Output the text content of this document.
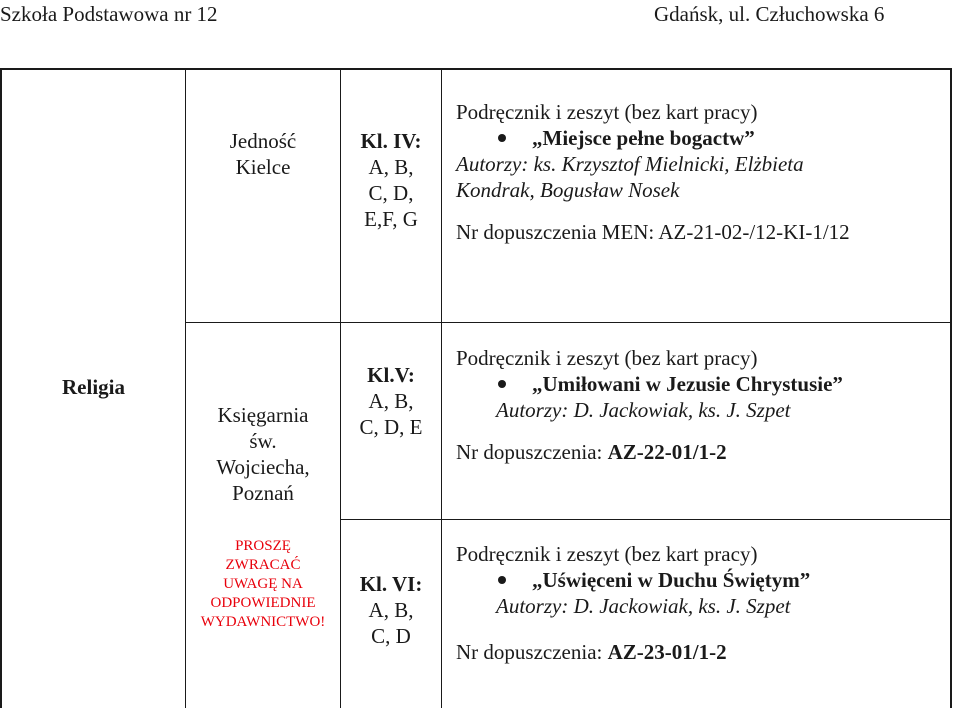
Szkoła Podstawowa nr 12	Gdańsk, ul. Człuchowska 6
Religia
Jedność
Kielce
Kl. IV:
A, B,
C, D,
E,F, G
Podręcznik i zeszyt (bez kart pracy)
„Miejsce pełne bogactw”
Autorzy: ks. Krzysztof Mielnicki, Elżbieta
Kondrak, Bogusław Nosek
Nr dopuszczenia MEN: AZ-21-02-/12-KI-1/12
Księgarnia
św.
Wojciecha,
Poznań
Kl.V:
A, B,
C, D, E
Podręcznik i zeszyt (bez kart pracy)
„Umiłowani w Jezusie Chrystusie”
Autorzy: D. Jackowiak, ks. J. Szpet
Nr dopuszczenia: AZ-22-01/1-2
PROSZĘ
ZWRACAĆ
UWAGĘ NA
ODPOWIEDNIE
WYDAWNICTWO!
Kl. VI:
A, B,
C, D
Podręcznik i zeszyt (bez kart pracy)
„Uświęceni w Duchu Świętym”
Autorzy: D. Jackowiak, ks. J. Szpet
Nr dopuszczenia: AZ-23-01/1-2
